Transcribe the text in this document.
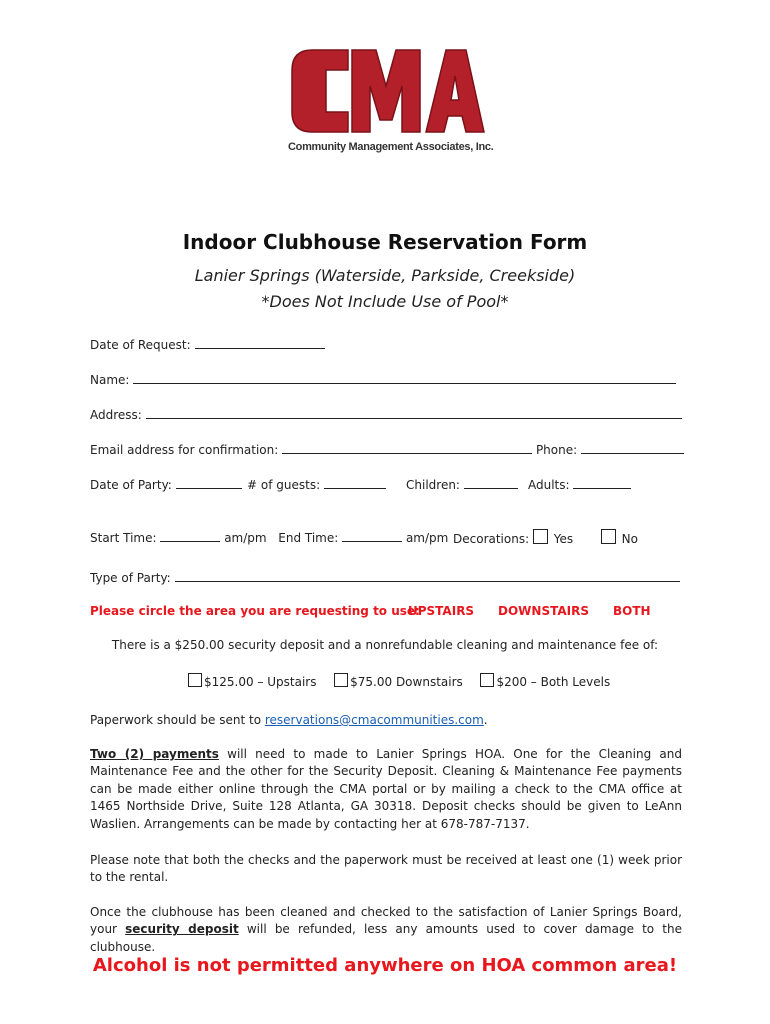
Community Management Associates, Inc.
Indoor Clubhouse Reservation Form
Lanier Springs (Waterside, Parkside, Creekside)
*Does Not Include Use of Pool*
Date of Request:
Name:
Address:
Email address for confirmation:	Phone:
Date of Party:	# of guests:	Children:	Adults:
Start Time:	am/pm End Time:	am/pm Decorations: Yes	No
Type of Party:
Please circle the area you are requesting to use:
UPSTAIRS DOWNSTAIRS BOTH
There is a $250.00 security deposit and a nonrefundable cleaning and maintenance fee of:
$125.00 – Upstairs	$75.00 Downstairs	$200 – Both Levels
Paperwork should be sent to reservations@cmacommunities.com.
Two (2) payments will need to made to Lanier Springs HOA. One for the Cleaning and Maintenance Fee and the other for the Security Deposit. Cleaning & Maintenance Fee payments can be made either online through the CMA portal or by mailing a check to the CMA office at 1465 Northside Drive, Suite 128 Atlanta, GA 30318. Deposit checks should be given to LeAnn Waslien. Arrangements can be made by contacting her at 678-787-7137.
Please note that both the checks and the paperwork must be received at least one (1) week prior to the rental.
Once the clubhouse has been cleaned and checked to the satisfaction of Lanier Springs Board, your security deposit will be refunded, less any amounts used to cover damage to the clubhouse.
Alcohol is not permitted anywhere on HOA common area!
